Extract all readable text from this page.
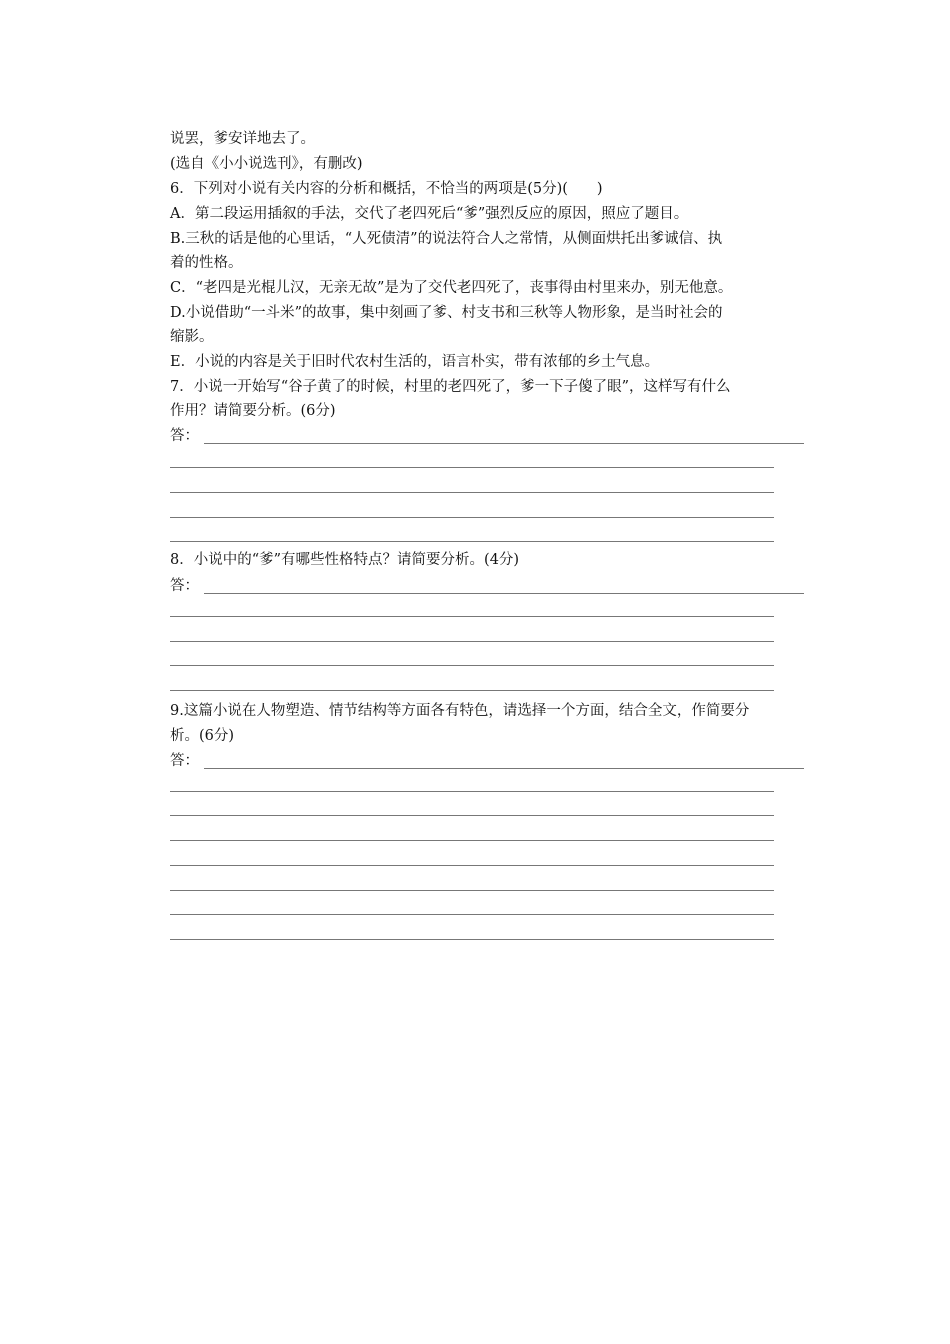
说罢，爹安详地去了。
(选自《小小说选刊》，有删改)
6．下列对小说有关内容的分析和概括，不恰当的两项是(5分)(　　)
A．第二段运用插叙的手法，交代了老四死后“爹”强烈反应的原因，照应了题目。
B.三秋的话是他的心里话，“人死债清”的说法符合人之常情，从侧面烘托出爹诚信、执
着的性格。
C．“老四是光棍儿汉，无亲无故”是为了交代老四死了，丧事得由村里来办，别无他意。
D.小说借助“一斗米”的故事，集中刻画了爹、村支书和三秋等人物形象，是当时社会的
缩影。
E．小说的内容是关于旧时代农村生活的，语言朴实，带有浓郁的乡土气息。
7．小说一开始写“谷子黄了的时候，村里的老四死了，爹一下子傻了眼”，这样写有什么
作用？请简要分析。(6分)
答：
8．小说中的“爹”有哪些性格特点？请简要分析。(4分)
答：
9.这篇小说在人物塑造、情节结构等方面各有特色，请选择一个方面，结合全文，作简要分
析。(6分)
答：
